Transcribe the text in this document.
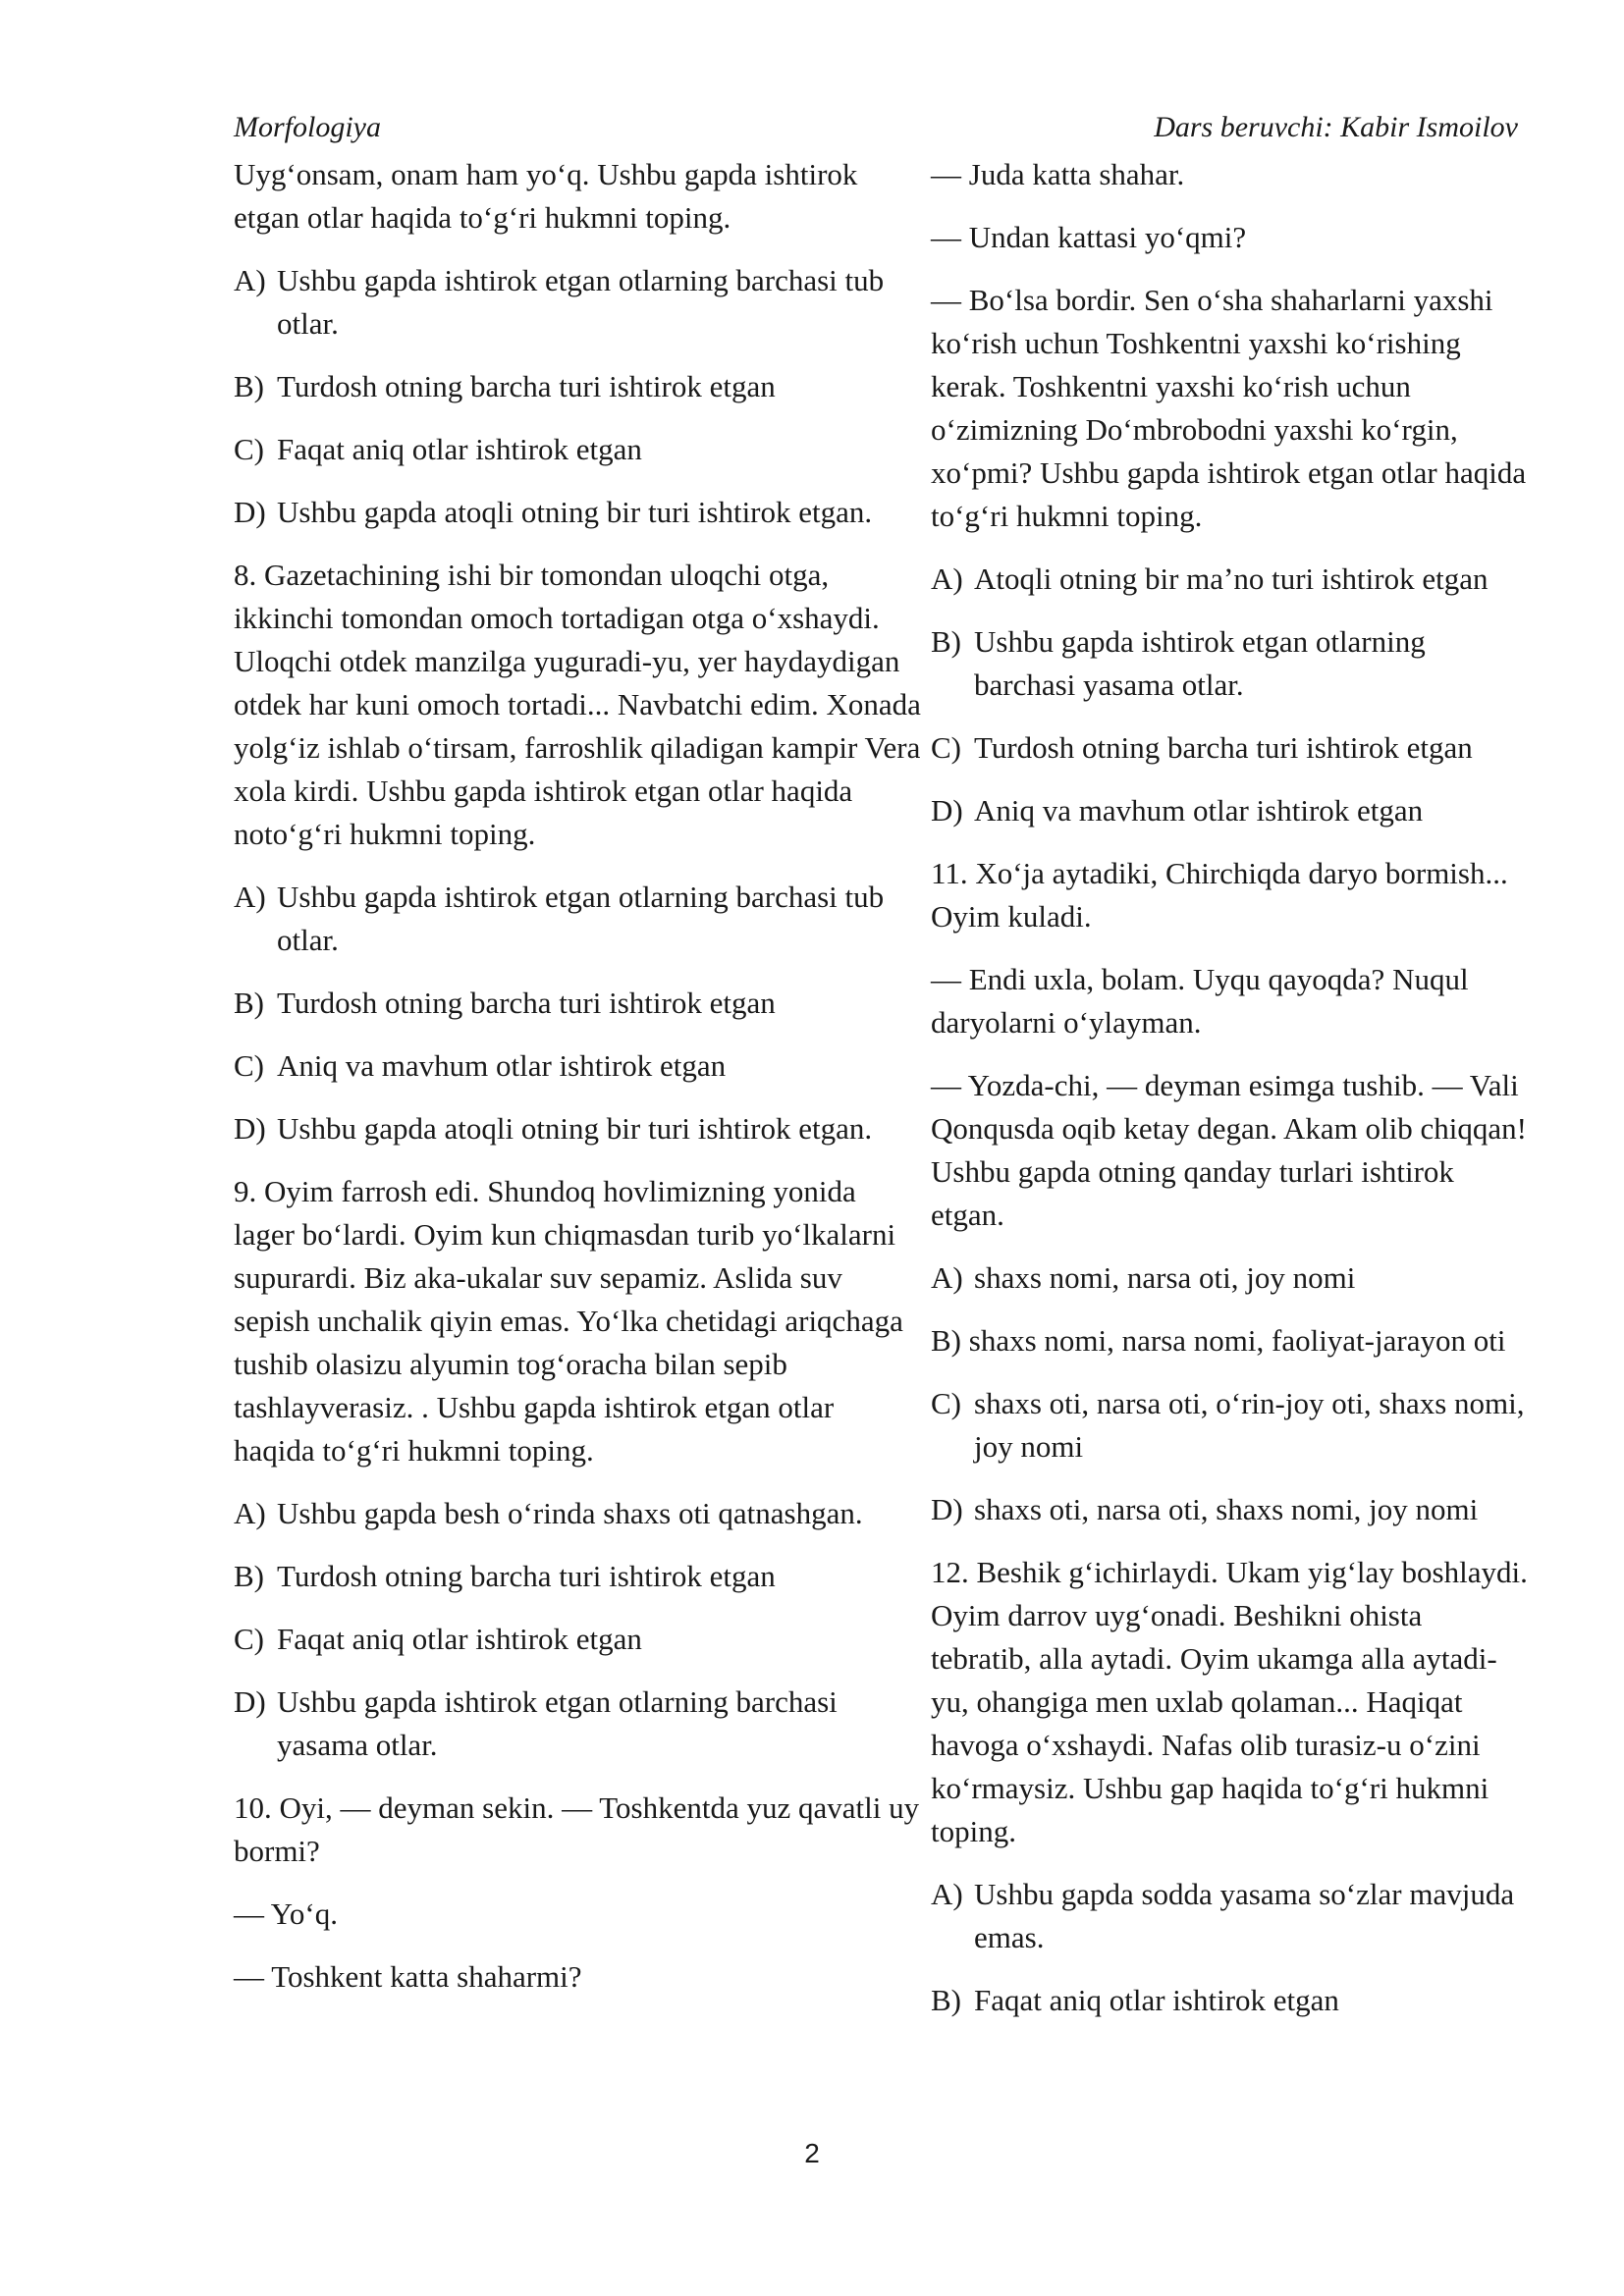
Morfologiya	Dars beruvchi: Kabir Ismoilov

Uygʻonsam, onam ham yoʻq. Ushbu gapda ishtirok etgan otlar haqida toʻgʻri hukmni toping.

A) Ushbu gapda ishtirok etgan otlarning barchasi tub otlar.
B) Turdosh otning barcha turi ishtirok etgan
C) Faqat aniq otlar ishtirok etgan
D) Ushbu gapda atoqli otning bir turi ishtirok etgan.

8. Gazetachining ishi bir tomondan uloqchi otga, ikkinchi tomondan omoch tortadigan otga oʻxshaydi. Uloqchi otdek manzilga yuguradi-yu, yer haydaydigan otdek har kuni omoch tortadi... Navbatchi edim. Xonada yolgʻiz ishlab oʻtirsam, farroshlik qiladigan kampir Vera xola kirdi. Ushbu gapda ishtirok etgan otlar haqida notoʻgʻri hukmni toping.

A) Ushbu gapda ishtirok etgan otlarning barchasi tub otlar.
B) Turdosh otning barcha turi ishtirok etgan
C) Aniq va mavhum otlar ishtirok etgan
D) Ushbu gapda atoqli otning bir turi ishtirok etgan.

9. Oyim farrosh edi. Shundoq hovlimizning yonida lager boʻlardi. Oyim kun chiqmasdan turib yoʻlkalarni supurardi. Biz aka-ukalar suv sepamiz. Aslida suv sepish unchalik qiyin emas. Yoʻlka chetidagi ariqchaga tushib olasizu alyumin togʻoracha bilan sepib tashlayverasiz. . Ushbu gapda ishtirok etgan otlar haqida toʻgʻri hukmni toping.

A) Ushbu gapda besh oʻrinda shaxs oti qatnashgan.
B) Turdosh otning barcha turi ishtirok etgan
C) Faqat aniq otlar ishtirok etgan
D) Ushbu gapda ishtirok etgan otlarning barchasi yasama otlar.

10. Oyi, — deyman sekin. — Toshkentda yuz qavatli uy bormi?

— Yoʻq.

— Toshkent katta shaharmi?

— Juda katta shahar.

— Undan kattasi yoʻqmi?

— Boʻlsa bordir. Sen oʻsha shaharlarni yaxshi koʻrish uchun Toshkentni yaxshi koʻrishing kerak. Toshkentni yaxshi koʻrish uchun oʻzimizning Doʻmbrobodni yaxshi koʻrgin, xoʻpmi? Ushbu gapda ishtirok etgan otlar haqida toʻgʻri hukmni toping.

A) Atoqli otning bir maʼno turi ishtirok etgan
B) Ushbu gapda ishtirok etgan otlarning barchasi yasama otlar.
C) Turdosh otning barcha turi ishtirok etgan
D) Aniq va mavhum otlar ishtirok etgan

11. Xoʻja aytadiki, Chirchiqda daryo bormish... Oyim kuladi.

— Endi uxla, bolam. Uyqu qayoqda? Nuqul daryolarni oʻylayman.

— Yozda-chi, — deyman esimga tushib. — Vali Qonqusda oqib ketay degan. Akam olib chiqqan! Ushbu gapda otning qanday turlari ishtirok etgan.

A) shaxs nomi, narsa oti, joy nomi

B) shaxs nomi, narsa nomi, faoliyat-jarayon oti

C) shaxs oti, narsa oti, oʻrin-joy oti, shaxs nomi, joy nomi
D) shaxs oti, narsa oti, shaxs nomi, joy nomi

12. Beshik gʻichirlaydi. Ukam yigʻlay boshlaydi. Oyim darrov uygʻonadi. Beshikni ohista tebratib, alla aytadi. Oyim ukamga alla aytadi-yu, ohangiga men uxlab qolaman... Haqiqat havoga oʻxshaydi. Nafas olib turasiz-u oʻzini koʻrmaysiz. Ushbu gap haqida toʻgʻri hukmni toping.

A) Ushbu gapda sodda yasama soʻzlar mavjuda emas.
B) Faqat aniq otlar ishtirok etgan
2
